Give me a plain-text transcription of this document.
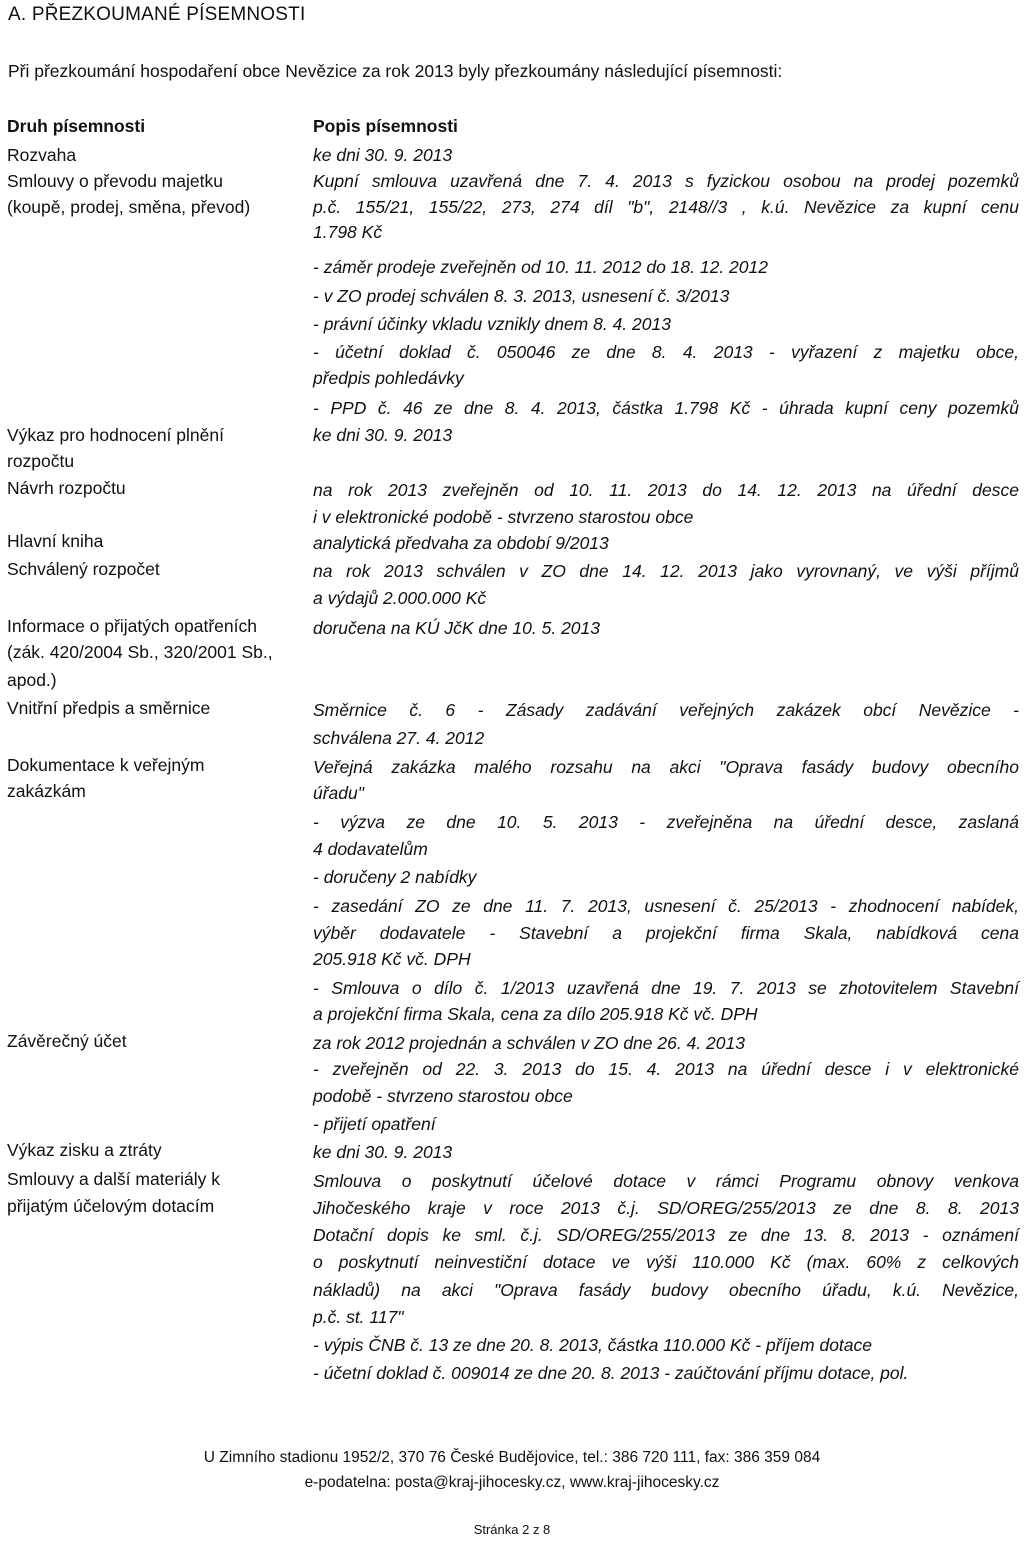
A. PŘEZKOUMANÉ PÍSEMNOSTI
Při přezkoumání hospodaření obce Nevězice za rok 2013 byly přezkoumány následující písemnosti:
Druh písemnosti	Popis písemnosti
Rozvaha
Smlouvy o převodu majetku
(koupě, prodej, směna, převod)
Výkaz pro hodnocení plnění
rozpočtu
Návrh rozpočtu
Hlavní kniha
Schválený rozpočet
Informace o přijatých opatřeních
(zák. 420/2004 Sb., 320/2001 Sb.,
apod.)
Vnitřní předpis a směrnice
Dokumentace k veřejným
zakázkám
Závěrečný účet
Výkaz zisku a ztráty
Smlouvy a další materiály k
přijatým účelovým dotacím
ke dni 30. 9. 2013
Kupní smlouva uzavřená dne 7. 4. 2013 s fyzickou osobou na prodej pozemků
p.č. 155/21, 155/22, 273, 274 díl "b", 2148//3 , k.ú. Nevězice za kupní cenu
1.798 Kč
- záměr prodeje zveřejněn od 10. 11. 2012 do 18. 12. 2012
- v ZO prodej schválen 8. 3. 2013, usnesení č. 3/2013
- právní účinky vkladu vznikly dnem 8. 4. 2013
- účetní doklad č. 050046 ze dne 8. 4. 2013 - vyřazení z majetku obce,
předpis pohledávky
- PPD č. 46 ze dne 8. 4. 2013, částka 1.798 Kč - úhrada kupní ceny pozemků
ke dni 30. 9. 2013
na rok 2013 zveřejněn od 10. 11. 2013 do 14. 12. 2013 na úřední desce
i v elektronické podobě - stvrzeno starostou obce
analytická předvaha za období 9/2013
na rok 2013 schválen v ZO dne 14. 12. 2013 jako vyrovnaný, ve výši příjmů
a výdajů 2.000.000 Kč
doručena na KÚ JčK dne 10. 5. 2013
Směrnice č. 6 - Zásady zadávání veřejných zakázek obcí Nevězice -
schválena 27. 4. 2012
Veřejná zakázka malého rozsahu na akci "Oprava fasády budovy obecního
úřadu"
- výzva ze dne 10. 5. 2013 - zveřejněna na úřední desce, zaslaná
4 dodavatelům
- doručeny 2 nabídky
- zasedání ZO ze dne 11. 7. 2013, usnesení č. 25/2013 - zhodnocení nabídek,
výběr dodavatele - Stavební a projekční firma Skala, nabídková cena
205.918 Kč vč. DPH
- Smlouva o dílo č. 1/2013 uzavřená dne 19. 7. 2013 se zhotovitelem Stavební
a projekční firma Skala, cena za dílo 205.918 Kč vč. DPH
za rok 2012 projednán a schválen v ZO dne 26. 4. 2013
- zveřejněn od 22. 3. 2013 do 15. 4. 2013 na úřední desce i v elektronické
podobě - stvrzeno starostou obce
- přijetí opatření
ke dni 30. 9. 2013
Smlouva o poskytnutí účelové dotace v rámci Programu obnovy venkova
Jihočeského kraje v roce 2013 č.j. SD/OREG/255/2013 ze dne 8. 8. 2013
Dotační dopis ke sml. č.j. SD/OREG/255/2013 ze dne 13. 8. 2013 - oznámení
o poskytnutí neinvestiční dotace ve výši 110.000 Kč (max. 60% z celkových
nákladů) na akci "Oprava fasády budovy obecního úřadu, k.ú. Nevězice,
p.č. st. 117"
- výpis ČNB č. 13 ze dne 20. 8. 2013, částka 110.000 Kč - příjem dotace
- účetní doklad č. 009014 ze dne 20. 8. 2013 - zaúčtování příjmu dotace, pol.
U Zimního stadionu 1952/2, 370 76 České Budějovice, tel.: 386 720 111, fax: 386 359 084
e-podatelna: posta@kraj-jihocesky.cz, www.kraj-jihocesky.cz
Stránka 2 z 8
